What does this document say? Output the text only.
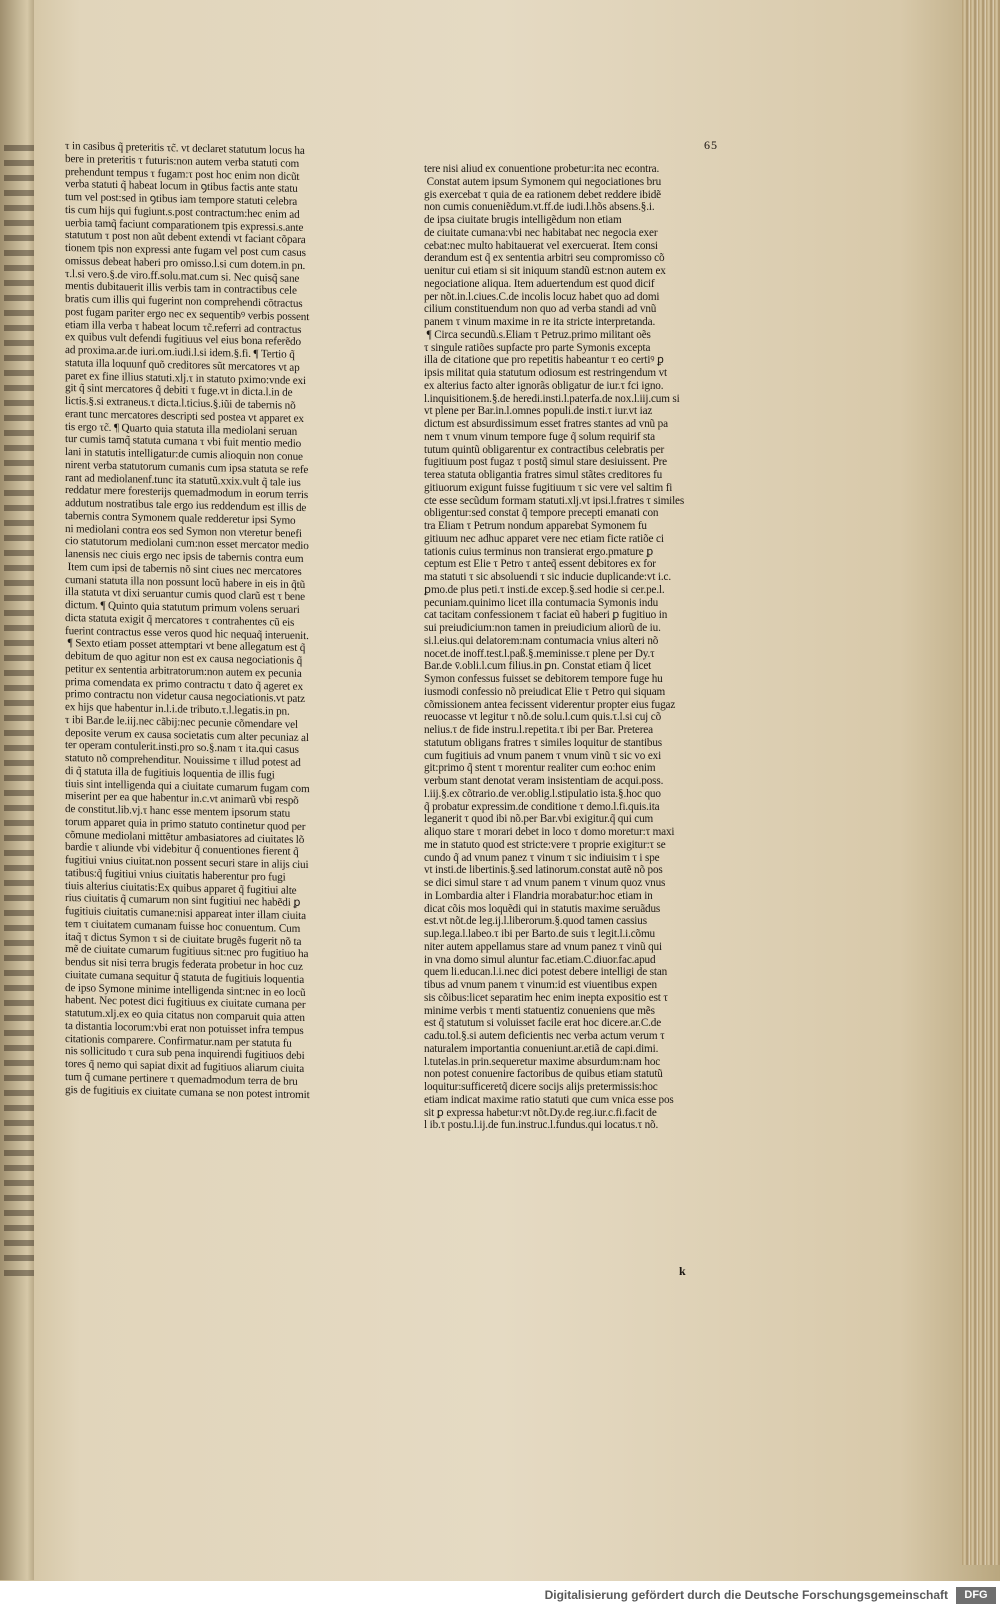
65
τ in casibus q̃ preteritis τc̃. vt declaret statutum locus ha
bere in preteritis τ futuris:non autem verba statuti com
prehendunt tempus τ fugam:τ post hoc enim non dicũt
verba statuti q̃ habeat locum in ꝯtibus factis ante statu
tum vel post:sed in ꝯtibus iam tempore statuti celebra
tis cum hijs qui fugiunt.s.post contractum:hec enim ad
uerbia tamq̃ faciunt comparationem tpis expressi.s.ante
statutum τ post non aũt debent extendi vt faciant cõpara
tionem tpis non expressi ante fugam vel post cum casus
omissus debeat haberi pro omisso.l.si cum dotem.in pn.
τ.l.si vero.§.de viro.ff.solu.mat.cum si. Nec quisq̃ sane
mentis dubitauerit illis verbis tam in contractibus cele
bratis cum illis qui fugerint non comprehendi cõtractus
post fugam pariter ergo nec ex sequentibꝰ verbis possent
etiam illa verba τ habeat locum τc̃.referri ad contractus
ex quibus vult defendi fugitiuus vel eius bona referẽdo
ad proxima.ar.de iuri.om.iudi.l.si idem.§.fi. ¶ Tertio q̃
statuta illa loquunf quõ creditores sũt mercatores vt ap
paret ex fine illius statuti.xlj.τ in statuto pximo:vnde exi
git q̃ sint mercatores q̃ debiti τ fuge.vt in dicta.l.in de
lictis.§.si extraneus.τ dicta.l.ticius.§.iũi de tabernis nõ
erant tunc mercatores descripti sed postea vt apparet ex
tis ergo τc̃. ¶ Quarto quia statuta illa mediolani seruan
tur cumis tamq̃ statuta cumana τ vbi fuit mentio medio
lani in statutis intelligatur:de cumis alioquin non conue
nirent verba statutorum cumanis cum ipsa statuta se refe
rant ad mediolanenf.tunc ita statutũ.xxix.vult q̃ tale ius
reddatur mere foresterijs quemadmodum in eorum terris
addutum nostratibus tale ergo ius reddendum est illis de
tabernis contra Symonem quale redderetur ipsi Symo
ni mediolani contra eos sed Symon non vteretur benefi
cio statutorum mediolani cum:non esset mercator medio
lanensis nec ciuis ergo nec ipsis de tabernis contra eum
Item cum ipsi de tabernis nõ sint ciues nec mercatores
cumani statuta illa non possunt locũ habere in eis in q̃tũ
illa statuta vt dixi seruantur cumis quod clarũ est τ bene
dictum. ¶ Quinto quia statutum primum volens seruari
dicta statuta exigit q̃ mercatores τ contrahentes cũ eis
fuerint contractus esse veros quod hic nequaq̃ interuenit.
¶ Sexto etiam posset attemptari vt bene allegatum est q̃
debitum de quo agitur non est ex causa negociationis q̃
petitur ex sententia arbitratorum:non autem ex pecunia
prima comendata ex primo contractu τ dato q̃ ageret ex
primo contractu non videtur causa negociationis.vt patz
ex hijs que habentur in.l.i.de tributo.τ.l.legatis.in pn.
τ ibi Bar.de le.iij.nec cãbij:nec pecunie cõmendare vel
deposite verum ex causa societatis cum alter pecuniaz al
ter operam contulerit.insti.pro so.§.nam τ ita.qui casus
statuto nõ comprehenditur. Nouissime τ illud potest ad
di q̃ statuta illa de fugitiuis loquentia de illis fugi
tiuis sint intelligenda qui a ciuitate cumarum fugam com
miserint per ea que habentur in.c.vt animarũ vbi respõ
de constitut.lib.vj.τ hanc esse mentem ipsorum statu
torum apparet quia in primo statuto continetur quod per
cõmune mediolani mittẽtur ambasiatores ad ciuitates lõ
bardie τ aliunde vbi videbitur q̃ conuentiones fierent q̃
fugitiui vnius ciuitat.non possent securi stare in alijs ciui
tatibus:q̃ fugitiui vnius ciuitatis haberentur pro fugi
tiuis alterius ciuitatis:Ex quibus apparet q̃ fugitiui alte
rius ciuitatis q̃ cumarum non sint fugitiui nec habẽdi ꝑ
fugitiuis ciuitatis cumane:nisi appareat inter illam ciuita
tem τ ciuitatem cumanam fuisse hoc conuentum. Cum
itaq̃ τ dictus Symon τ si de ciuitate brugẽs fugerit nõ ta
mẽ de ciuitate cumarum fugitiuus sit:nec pro fugitiuo ha
bendus sit nisi terra brugis federata probetur in hoc cuz
ciuitate cumana sequitur q̃ statuta de fugitiuis loquentia
de ipso Symone minime intelligenda sint:nec in eo locũ
habent. Nec potest dici fugitiuus ex ciuitate cumana per
statutum.xlj.ex eo quia citatus non comparuit quia atten
ta distantia locorum:vbi erat non potuisset infra tempus
citationis comparere. Confirmatur.nam per statuta fu
nis sollicitudo τ cura sub pena inquirendi fugitiuos debi
tores q̃ nemo qui sapiat dixit ad fugitiuos aliarum ciuita
tum q̃ cumane pertinere τ quemadmodum terra de bru
gis de fugitiuis ex ciuitate cumana se non potest intromit
tere nisi aliud ex conuentione probetur:ita nec econtra.
Constat autem ipsum Symonem qui negociationes bru
gis exercebat τ quia de ea rationem debet reddere ibidẽ
non cumis conueniẽdum.vt.ff.de iudi.l.hõs absens.§.i.
de ipsa ciuitate brugis intelligẽdum non etiam
de ciuitate cumana:vbi nec habitabat nec negocia exer
cebat:nec multo habitauerat vel exercuerat. Item consi
derandum est q̃ ex sententia arbitri seu compromisso cõ
uenitur cui etiam si sit iniquum standũ est:non autem ex
negociatione aliqua. Item aduertendum est quod dicif
per nõt.in.l.ciues.C.de incolis locuz habet quo ad domi
cilium constituendum non quo ad verba standi ad vnũ
panem τ vinum maxime in re ita stricte interpretanda.
¶ Circa secundũ.s.Eliam τ Petruz.primo militant oẽs
τ singule ratiões supfacte pro parte Symonis excepta
illa de citatione que pro repetitis habeantur τ eo certiꝰ ꝑ
ipsis militat quia statutum odiosum est restringendum vt
ex alterius facto alter ignorãs obligatur de iur.τ fci igno.
l.inquisitionem.§.de heredi.insti.l.paterfa.de nox.l.iij.cum si
vt plene per Bar.in.l.omnes populi.de insti.τ iur.vt iaz
dictum est absurdissimum esset fratres stantes ad vnũ pa
nem τ vnum vinum tempore fuge q̃ solum requirif sta
tutum quintũ obligarentur ex contractibus celebratis per
fugitiuum post fugaz τ postq̃ simul stare desiuissent. Pre
terea statuta obligantia fratres simul stãtes creditores fu
gitiuorum exigunt fuisse fugitiuum τ sic vere vel saltim fi
cte esse secũdum formam statuti.xlj.vt ipsi.l.fratres τ similes
obligentur:sed constat q̃ tempore precepti emanati con
tra Eliam τ Petrum nondum apparebat Symonem fu
gitiuum nec adhuc apparet vere nec etiam ficte ratiõe ci
tationis cuius terminus non transierat ergo.pmature ꝑ
ceptum est Elie τ Petro τ anteq̃ essent debitores ex for
ma statuti τ sic absoluendi τ sic inducie duplicande:vt i.c.
ꝑmo.de plus peti.τ insti.de excep.§.sed hodie si cer.pe.l.
pecuniam.quinimo licet illa contumacia Symonis indu
cat tacitam confessionem τ faciat eũ haberi ꝑ fugitiuo in
sui preiudicium:non tamen in preiudicium aliorũ de iu.
si.l.eius.qui delatorem:nam contumacia vnius alteri nõ
nocet.de inoff.test.l.paß.§.meminisse.τ plene per Dy.τ
Bar.de v̄.obli.l.cum filius.in ꝑn. Constat etiam q̃ licet
Symon confessus fuisset se debitorem tempore fuge hu
iusmodi confessio nõ preiudicat Elie τ Petro qui siquam
cõmissionem antea fecissent viderentur propter eius fugaz
reuocasse vt legitur τ nõ.de solu.l.cum quis.τ.l.si cuj cõ
nelius.τ de fide instru.l.repetita.τ ibi per Bar. Preterea
statutum obligans fratres τ similes loquitur de stantibus
cum fugitiuis ad vnum panem τ vnum vinũ τ sic vo exi
git:primo q̃ stent τ morentur realiter cum eo:hoc enim
verbum stant denotat veram insistentiam de acqui.poss.
l.iij.§.ex cõtrario.de ver.oblig.l.stipulatio ista.§.hoc quo
q̃ probatur expressim.de conditione τ demo.l.fi.quis.ita
leganerit τ quod ibi nõ.per Bar.vbi exigitur.q̃ qui cum
aliquo stare τ morari debet in loco τ domo moretur:τ maxi
me in statuto quod est stricte:vere τ proprie exigitur:τ se
cundo q̃ ad vnum panez τ vinum τ sic indiuisim τ i spe
vt insti.de libertinis.§.sed latinorum.constat autẽ nõ pos
se dici simul stare τ ad vnum panem τ vinum quoz vnus
in Lombardia alter i Flandria morabatur:hoc etiam in
dicat cõis mos loquẽdi qui in statutis maxime seruãdus
est.vt nõt.de leg.ij.l.liberorum.§.quod tamen cassius
sup.lega.l.labeo.τ ibi per Barto.de suis τ legit.l.i.cõmu
niter autem appellamus stare ad vnum panez τ vinũ qui
in vna domo simul aluntur fac.etiam.C.diuor.fac.apud
quem li.educan.l.i.nec dici potest debere intelligi de stan
tibus ad vnum panem τ vinum:id est viuentibus expen
sis cõibus:licet separatim hec enim inepta expositio est τ
minime verbis τ menti statuentiz conueniens que mẽs
est q̃ statutum si voluisset facile erat hoc dicere.ar.C.de
cadu.tol.§.si autem deficientis nec verba actum verum τ
naturalem importantia conueniunt.ar.etiã de capi.dimi.
l.tutelas.in prin.sequeretur maxime absurdum:nam hoc
non potest conuenire factoribus de quibus etiam statutũ
loquitur:sufficeretq̃ dicere socijs alijs pretermissis:hoc
etiam indicat maxime ratio statuti que cum vnica esse pos
sit ꝑ expressa habetur:vt nõt.Dy.de reg.iur.c.fi.facit de
l ib.τ postu.l.ij.de fun.instruc.l.fundus.qui locatus.τ nõ.
k
Digitalisierung gefördert durch die Deutsche Forschungsgemeinschaft	DFG
